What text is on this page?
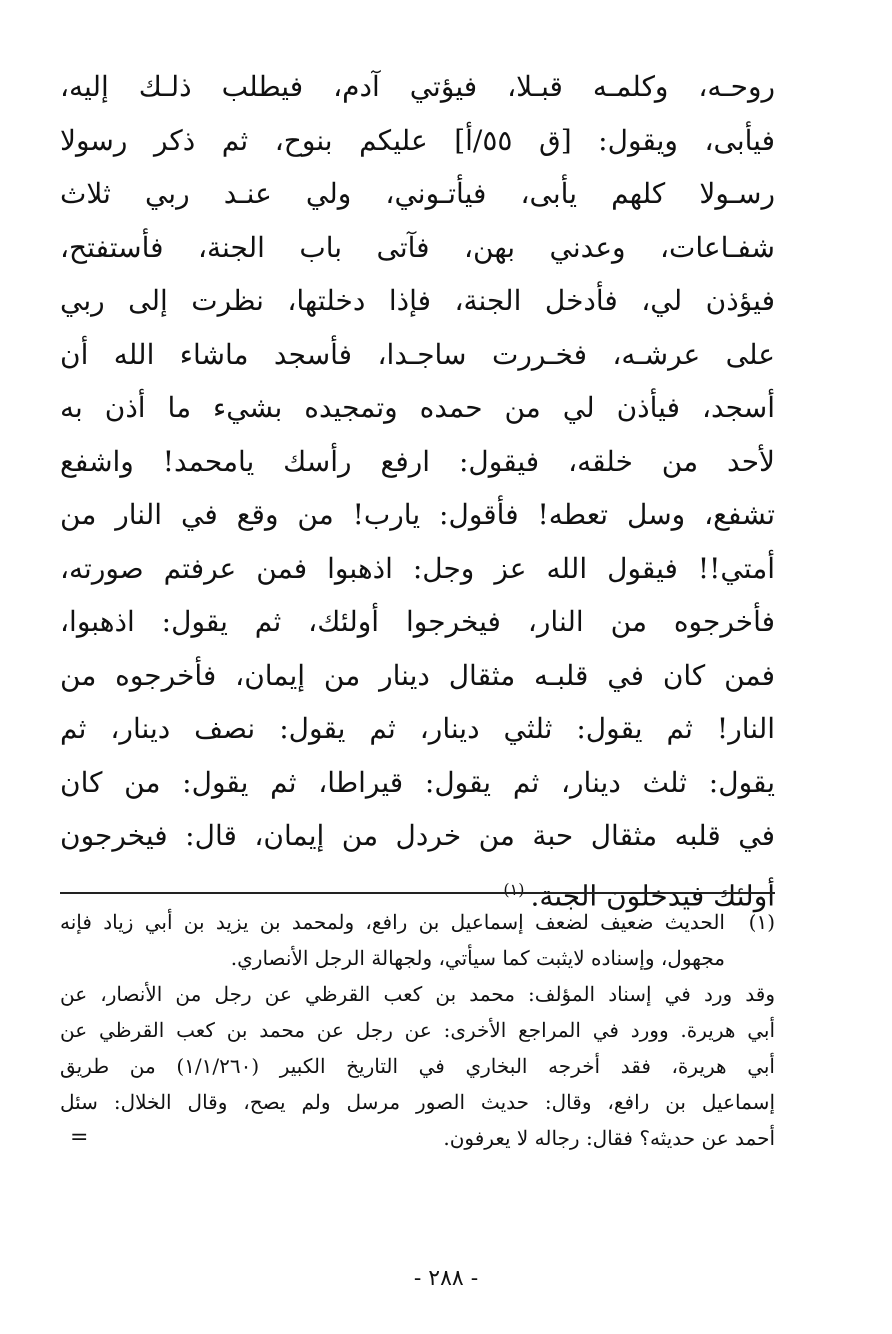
روحـه، وكلمـه قبـلا، فيؤتي آدم، فيطلب ذلـك إليه،
فيأبى، ويقول: [ق ٥٥/أ] عليكم بنوح، ثم ذكر رسولا
رسـولا كلهم يأبى، فيأتـوني، ولي عنـد ربي ثلاث
شفـاعات، وعدني بهن، فآتى باب الجنة، فأستفتح،
فيؤذن لي، فأدخل الجنة، فإذا دخلتها، نظرت إلى ربي
على عرشـه، فخـررت ساجـدا، فأسجد ماشاء الله أن
أسجد، فيأذن لي من حمده وتمجيده بشيء ما أذن به
لأحد من خلقه، فيقول: ارفع رأسك يامحمد! واشفع
تشفع، وسل تعطه! فأقول: يارب! من وقع في النار من
أمتي!! فيقول الله عز وجل: اذهبوا فمن عرفتم صورته،
فأخرجوه من النار، فيخرجوا أولئك، ثم يقول: اذهبوا،
فمن كان في قلبـه مثقال دينار من إيمان، فأخرجوه من
النار! ثم يقول: ثلثي دينار، ثم يقول: نصف دينار، ثم
يقول: ثلث دينار، ثم يقول: قيراطا، ثم يقول: من كان
في قلبه مثقال حبة من خردل من إيمان، قال: فيخرجون
أولئك فيدخلون الجنة.$^{(١)}$
(١)
الحديث ضعيف لضعف إسماعيل بن رافع، ولمحمد بن يزيد بن أبي زياد فإنه
مجهول، وإسناده لايثبت كما سيأتي، ولجهالة الرجل الأنصاري.
وقد ورد في إسناد المؤلف: محمد بن كعب القرظي عن رجل من الأنصار، عن
أبي هريرة. وورد في المراجع الأخرى: عن رجل عن محمد بن كعب القرظي عن
أبي هريرة، فقد أخرجه البخاري في التاريخ الكبير (١/١/٢٦٠) من طريق
إسماعيل بن رافع، وقال: حديث الصور مرسل ولم يصح، وقال الخلال: سئل
أحمد عن حديثه؟ فقال: رجاله لا يعرفون.
=
- ٢٨٨ -
